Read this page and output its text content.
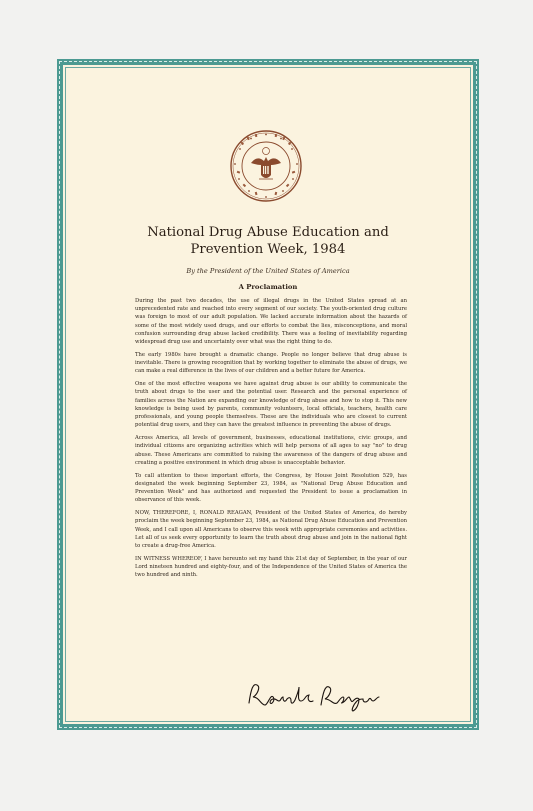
National Drug Abuse Education and
Prevention Week, 1984
By the President of the United States of America
A Proclamation

During the past two decades, the use of illegal drugs in the United States spread at an unprecedented rate and reached into every segment of our society. The youth-oriented drug culture was foreign to most of our adult population. We lacked accurate information about the hazards of some of the most widely used drugs, and our efforts to combat the lies, misconceptions, and moral confusion surrounding drug abuse lacked credibility. There was a feeling of inevitability regarding widespread drug use and uncertainty over what was the right thing to do.

The early 1980s have brought a dramatic change. People no longer believe that drug abuse is inevitable. There is growing recognition that by working together to eliminate the abuse of drugs, we can make a real difference in the lives of our children and a better future for America.

One of the most effective weapons we have against drug abuse is our ability to communicate the truth about drugs to the user and the potential user. Research and the personal experience of families across the Nation are expanding our knowledge of drug abuse and how to stop it. This new knowledge is being used by parents, community volunteers, local officials, teachers, health care professionals, and young people themselves. These are the individuals who are closest to current potential drug users, and they can have the greatest influence in preventing the abuse of drugs.

Across America, all levels of government, businesses, educational institutions, civic groups, and individual citizens are organizing activities which will help persons of all ages to say "no" to drug abuse. These Americans are committed to raising the awareness of the dangers of drug abuse and creating a positive environment in which drug abuse is unacceptable behavior.

To call attention to these important efforts, the Congress, by House Joint Resolution 529, has designated the week beginning September 23, 1984, as "National Drug Abuse Education and Prevention Week" and has authorized and requested the President to issue a proclamation in observance of this week.

NOW, THEREFORE, I, RONALD REAGAN, President of the United States of America, do hereby proclaim the week beginning September 23, 1984, as National Drug Abuse Education and Prevention Week, and I call upon all Americans to observe this week with appropriate ceremonies and activities. Let all of us seek every opportunity to learn the truth about drug abuse and join in the national fight to create a drug-free America.

IN WITNESS WHEREOF, I have hereunto set my hand this 21st day of September, in the year of our Lord nineteen hundred and eighty-four, and of the Independence of the United States of America the two hundred and ninth.
